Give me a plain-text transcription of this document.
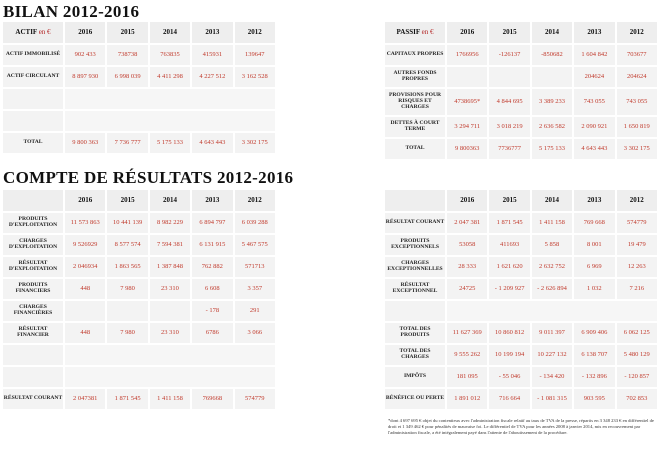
BILAN 2012-2016
ACTIF en €	2016	2015	2014	2013	2012
ACTIF IMMOBILISÉ	902 433	738738	763835	415931	139647
ACTIF CIRCULANT	8 897 930	6 998 039	4 411 298	4 227 512	3 162 528

TOTAL	9 800 363	7 736 777	5 175 133	4 643 443	3 302 175
PASSIF en €	2016	2015	2014	2013	2012
CAPITAUX PROPRES	1766956	-126137	-850682	1 604 842	703677
AUTRES FONDS PROPRES				204624	204624
PROVISIONS POUR RISQUES ET CHARGES	4738695*	4 844 695	3 389 233	743 055	743 055
DETTES À COURT TERME	3 294 711	3 018 219	2 636 582	2 090 921	1 650 819
TOTAL	9 800363	7736777	5 175 133	4 643 443	3 302 175
COMPTE DE RÉSULTATS 2012-2016
	2016	2015	2014	2013	2012
PRODUITS D'EXPLOITATION	11 573 863	10 441 139	8 982 229	6 894 797	6 039 288
CHARGES D'EXPLOITATION	9 526929	8 577 574	7 594 381	6 131 915	5 467 575
RÉSULTAT D'EXPLOITATION	2 046934	1 863 565	1 387 848	762 882	571713
PRODUITS FINANCIERS	448	7 980	23 310	6 608	3 357
CHARGES FINANCIÈRES				- 178	291
RÉSULTAT FINANCIER	448	7 980	23 310	6786	3 066

RÉSULTAT COURANT	2 047381	1 871 545	1 411 158	769668	574779
	2016	2015	2014	2013	2012
RÉSULTAT COURANT	2 047 381	1 871 545	1 411 158	769 668	574779
PRODUITS EXCEPTIONNELS	53058	411693	5 858	8 001	19 479
CHARGES EXCEPTIONNELLES	28 333	1 621 620	2 632 752	6 969	12 263
RÉSULTAT EXCEPTIONNEL	24725	- 1 209 927	- 2 626 894	1 032	7 216

TOTAL DES PRODUITS	11 627 369	10 860 812	9 011 397	6 909 406	6 062 125
TOTAL DES CHARGES	9 555 262	10 199 194	10 227 132	6 138 707	5 480 129
IMPÔTS	181 095	- 55 046	- 134 420	- 132 896	- 120 857
BÉNÉFICE OU PERTE	1 891 012	716 664	- 1 081 315	903 595	702 853
*dont 4 697 695 € objet du contentieux avec l'administration fiscale relatif au taux de TVA de la presse, répartis en 3 348 233 € en différentiel de droit et 1 349 462 € pour pénalités de mauvaise foi. Le différentiel de TVA pour les années 2008 à janvier 2014, mis en recouvrement par l'administration fiscale, a été intégralement payé dans l'attente de l'aboutissement de la procédure.
